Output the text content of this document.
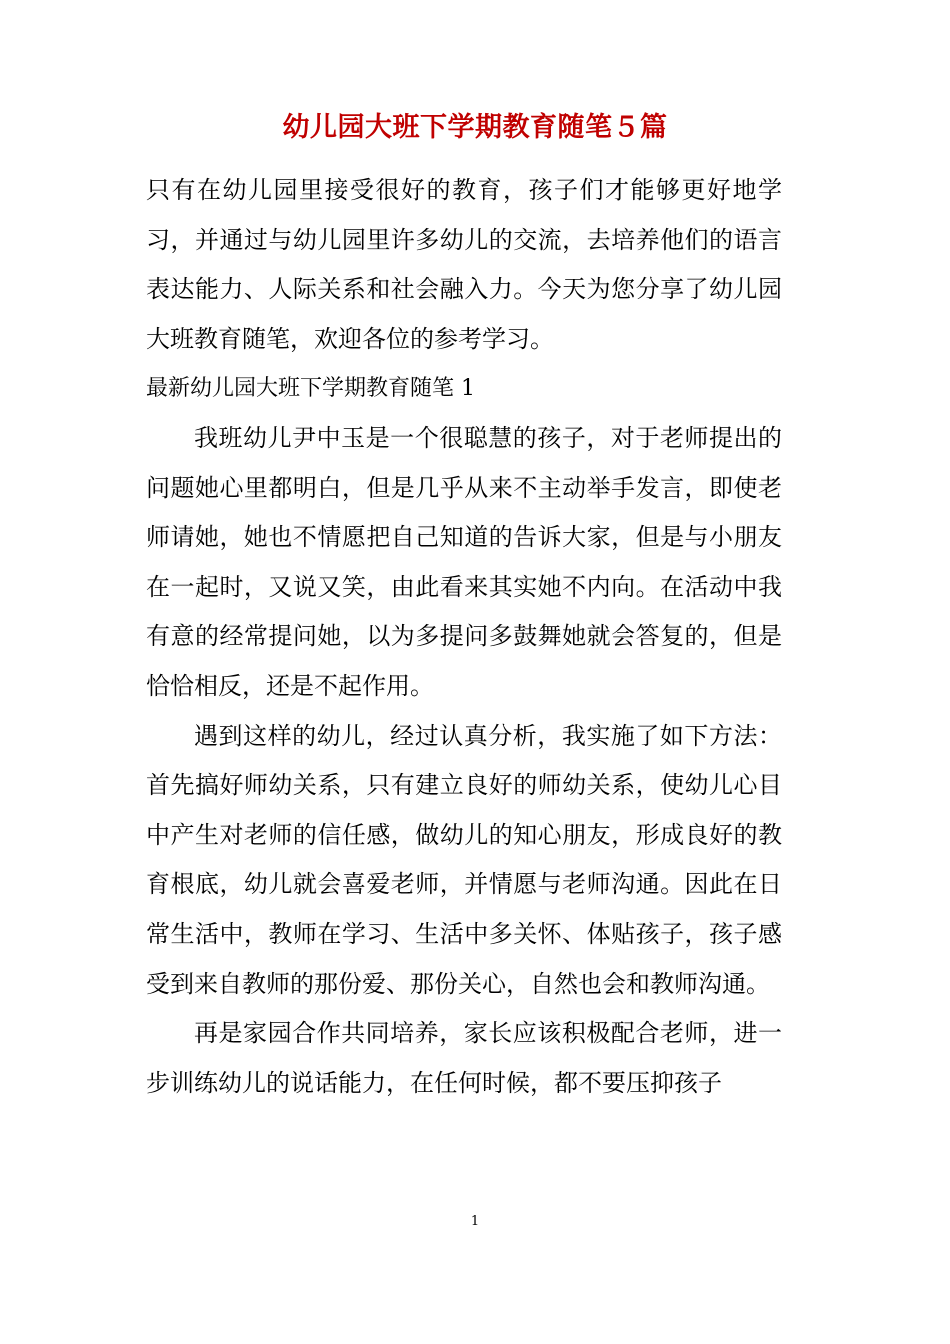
幼儿园大班下学期教育随笔５篇

只有在幼儿园里接受很好的教育，孩子们才能够更好地学习，并通过与幼儿园里许多幼儿的交流，去培养他们的语言表达能力、人际关系和社会融入力。今天为您分享了幼儿园大班教育随笔，欢迎各位的参考学习。

最新幼儿园大班下学期教育随笔 1

我班幼儿尹中玉是一个很聪慧的孩子，对于老师提出的问题她心里都明白，但是几乎从来不主动举手发言，即使老师请她，她也不情愿把自己知道的告诉大家，但是与小朋友在一起时，又说又笑，由此看来其实她不内向。在活动中我有意的经常提问她，以为多提问多鼓舞她就会答复的，但是恰恰相反，还是不起作用。

遇到这样的幼儿，经过认真分析，我实施了如下方法：首先搞好师幼关系，只有建立良好的师幼关系，使幼儿心目中产生对老师的信任感，做幼儿的知心朋友，形成良好的教育根底，幼儿就会喜爱老师，并情愿与老师沟通。因此在日常生活中，教师在学习、生活中多关怀、体贴孩子，孩子感受到来自教师的那份爱、那份关心，自然也会和教师沟通。

再是家园合作共同培养，家长应该积极配合老师，进一步训练幼儿的说话能力，在任何时候，都不要压抑孩子

1
